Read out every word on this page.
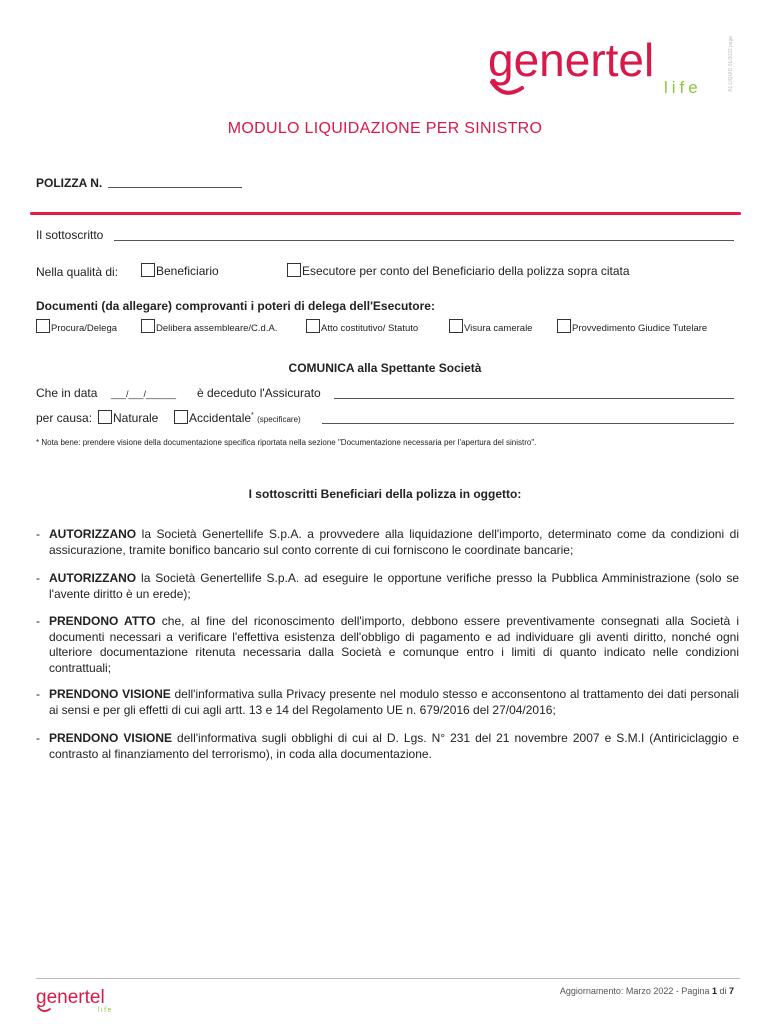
genertel
life	A1 LIQUID 01/2022 page
MODULO LIQUIDAZIONE PER SINISTRO
POLIZZA N.
Il sottoscritto
Nella qualità di:	Beneficiario	Esecutore per conto del Beneficiario della polizza sopra citata
Documenti (da allegare) comprovanti i poteri di delega dell'Esecutore:
Procura/Delega	Delibera assembleare/C.d.A.	Atto costitutivo/ Statuto	Visura camerale	Provvedimento Giudice Tutelare
COMUNICA alla Spettante Società
Che in data ___/___/______ è deceduto l'Assicurato
per causa:	Naturale	Accidentale* (specificare)
* Nota bene: prendere visione della documentazione specifica riportata nella sezione "Documentazione necessaria per l'apertura del sinistro".
I sottoscritti Beneficiari della polizza in oggetto:
- AUTORIZZANO la Società Genertellife S.p.A. a provvedere alla liquidazione dell'importo, determinato come da condizioni di assicurazione, tramite bonifico bancario sul conto corrente di cui forniscono le coordinate bancarie;
- AUTORIZZANO la Società Genertellife S.p.A. ad eseguire le opportune verifiche presso la Pubblica Amministrazione (solo se l'avente diritto è un erede);
- PRENDONO ATTO che, al fine del riconoscimento dell'importo, debbono essere preventivamente consegnati alla Società i documenti necessari a verificare l'effettiva esistenza dell'obbligo di pagamento e ad individuare gli aventi diritto, nonché ogni ulteriore documentazione ritenuta necessaria dalla Società e comunque entro i limiti di quanto indicato nelle condizioni contrattuali;
- PRENDONO VISIONE dell'informativa sulla Privacy presente nel modulo stesso e acconsentono al trattamento dei dati personali ai sensi e per gli effetti di cui agli artt. 13 e 14 del Regolamento UE n. 679/2016 del 27/04/2016;
- PRENDONO VISIONE dell'informativa sugli obblighi di cui al D. Lgs. N° 231 del 21 novembre 2007 e S.M.I (Antiriciclaggio e contrasto al finanziamento del terrorismo), in coda alla documentazione.
genertel
life
Aggiornamento: Marzo 2022 - Pagina 1 di 7
